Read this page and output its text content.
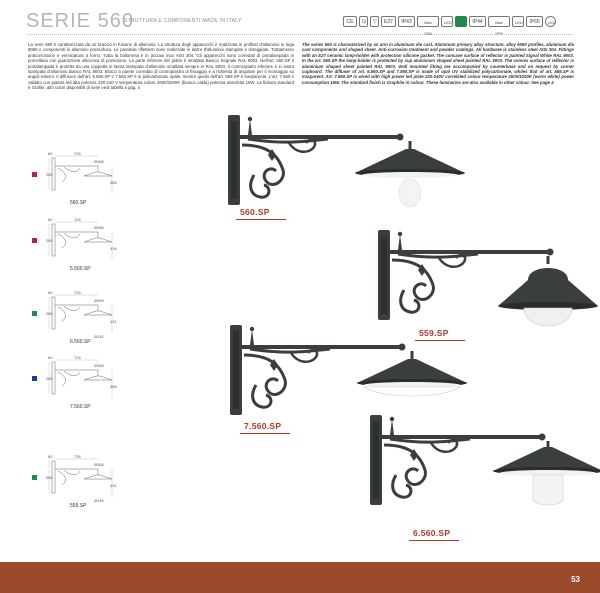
SERIE 560
STRUTTURA E COMPONENTI MADE IN ITALY	CE	⊡	▽	E27	IP43	Max 15W
LED	IP44	Max 15W
LED	IP65	LED

La serie 560 è caratterizzata da un braccio in fusione di alluminio. La struttura degli apparecchi è realizzata in profilati d'alluminio in lega 6060 e componenti in alluminio pressofuso. Le parabole riflettenti sono realizzate in lastre d'alluminio stampate e tinteggiate. Trattamento anticorrosione e verniciatura a forno. Tutta la bulloneria è in acciaio inox AISI 304. Gli apparecchi sono corredati di portalampada in porcellana con guarnizione siliconica di protezione. La parte inferiore del piatto è smaltata Bianco Segnale RAL 9003. Nell'art. 560.SP il portalampada è protetto da una coppetta in lastra stampata d'alluminio smaltata sempre in RAL 9003. Il controspiatto inferiore è in lastra stampata d'alluminio bianco RAL 9003. Bracci a parete corredati di contropiastra di fissaggio e a richiesta di angolare per il montaggio su angoli esterni. Il diffusore dell'art. 6.560.SP e 7.560.SP è in policarbonato opale, mentre quello dell'art. 559.SP è trasparente. L'art. 7.560 è cablato con piastra led alta potenza 220-240 V temperatura colore 2600/3200K (bianca calda) potenza assorbita 16W. La finitura standard è Grafite, altri colori disponibili di serie vedi tabella a pag. 4

The series 560 is characterized by an arm in aluminum die cast. Aluminum primary alloy structure, alloy 6060 profiles, aluminum die cast components and shaped sheet. Anti-corrosion treatment and powder coatings. All hardware is stainless steel AISI 304. Fittings with an E27 ceramic lamp-holder with protection silicone gasket. The concave surface of reflector is painted Signal White RAL 9003. In the art. 560.SP the lamp-holder is protected by cup aluminium shaped sheet painted RAL 9003. The convex surface of reflector is aluminium shaped sheet painted RAL 9003. Wall mounted fitting are accompanied by counterbase and on request by corner cupboard. The diffuser of art. 6.560.SP and 7.560.SP is made of opal UV stabilized polycarbonate, whiles that of art. 559.SP is trasparent. Art. 7.560.SP is wired with high power led plate 220-240V correlated colour temperature 2600/3200K (warm white) power consumption 16W. The standard finish is Graphite in colour. These luminaries are also available in other colour. See page 4

60	726
Ø365
280
385
560.SP
60	726
Ø365
280
416
5.560.SP
60	726
Ø365
280
431
Ø110
6.560.SP
60	726
Ø365
280
385
7.560.SP
60	726
Ø365
280
431
Ø140
559.SP
560.SP
559.SP
7.560.SP
6.560.SP
53
